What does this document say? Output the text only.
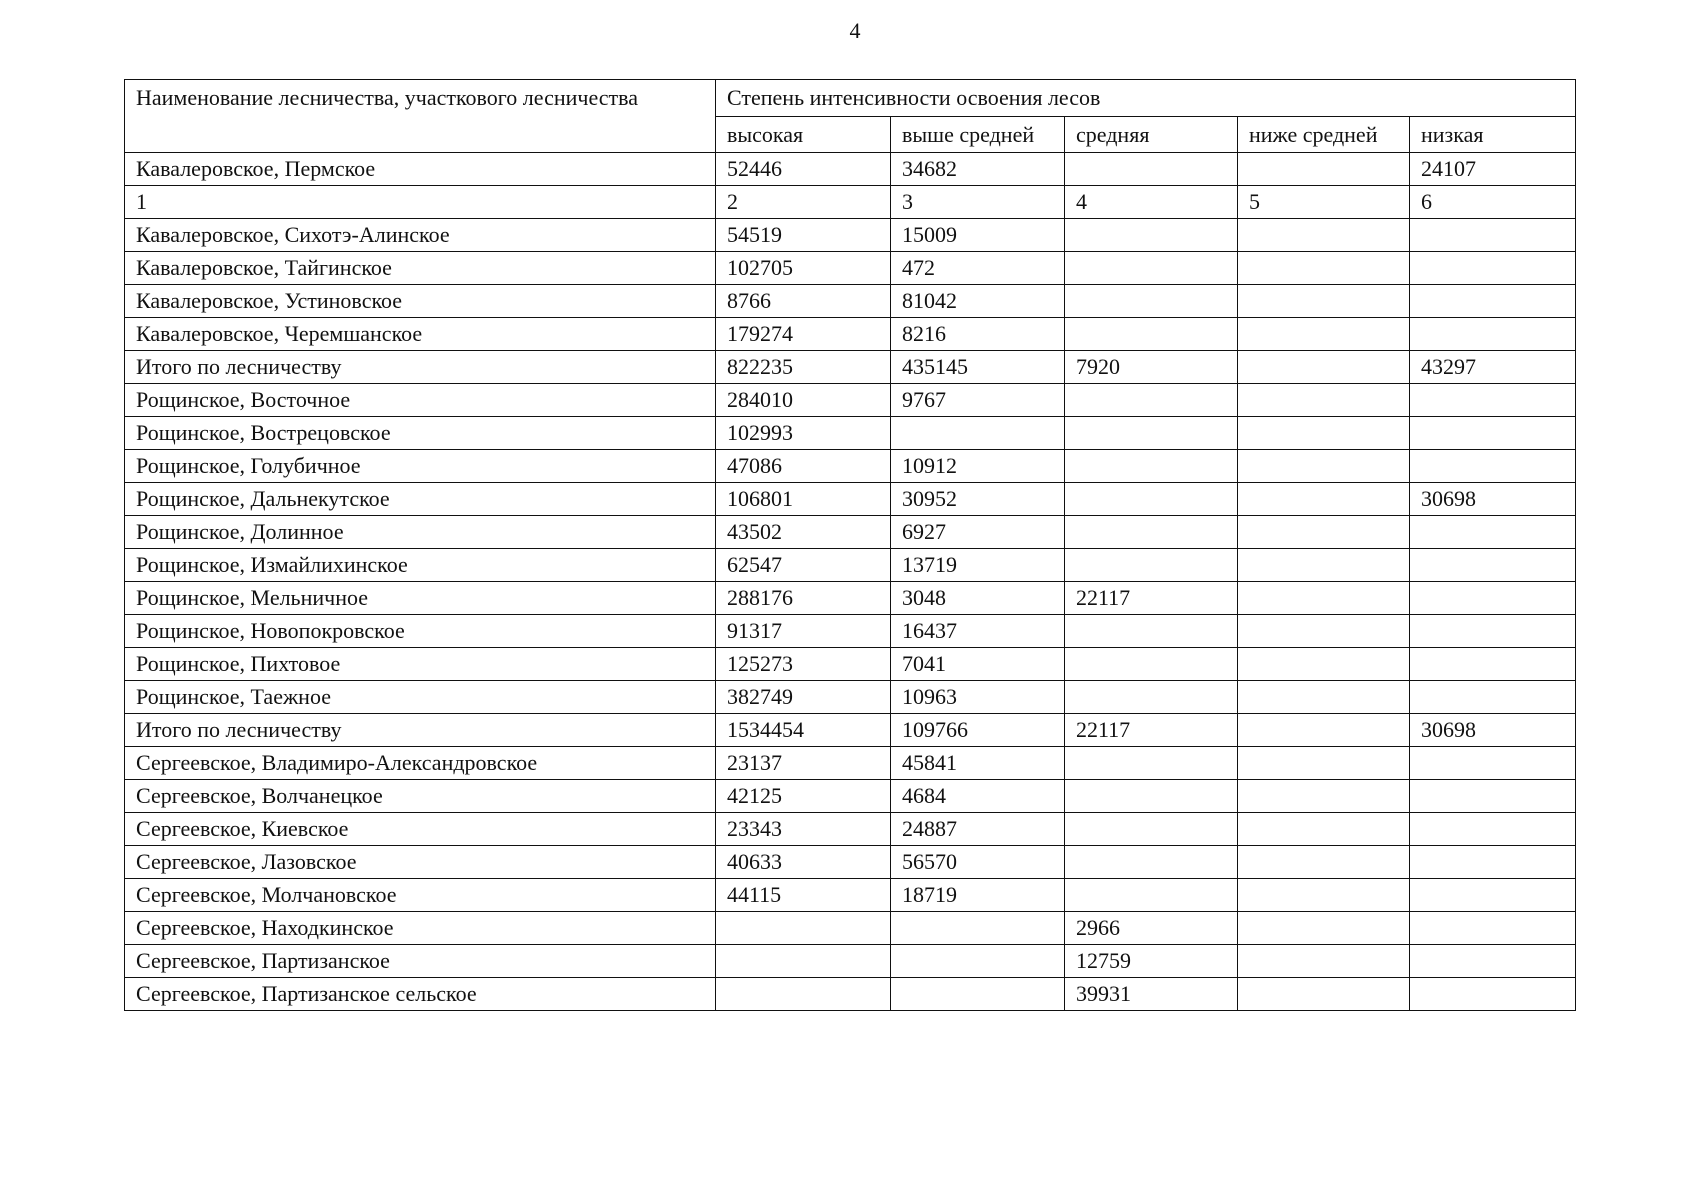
4
Наименование лесничества, участкового лесничества	Степень интенсивности освоения лесов				
	высокая	выше средней	средняя	ниже средней	низкая
Кавалеровское, Пермское	52446	34682			24107
1	2	3	4	5	6
Кавалеровское, Сихотэ-Алинское	54519	15009			
Кавалеровское, Тайгинское	102705	472			
Кавалеровское, Устиновское	8766	81042			
Кавалеровское, Черемшанское	179274	8216			
Итого по лесничеству	822235	435145	7920		43297
Рощинское, Восточное	284010	9767			
Рощинское, Вострецовское	102993				
Рощинское, Голубичное	47086	10912			
Рощинское, Дальнекутское	106801	30952			30698
Рощинское, Долинное	43502	6927			
Рощинское, Измайлихинское	62547	13719			
Рощинское, Мельничное	288176	3048	22117		
Рощинское, Новопокровское	91317	16437			
Рощинское, Пихтовое	125273	7041			
Рощинское, Таежное	382749	10963			
Итого по лесничеству	1534454	109766	22117		30698
Сергеевское, Владимиро-Александровское	23137	45841			
Сергеевское, Волчанецкое	42125	4684			
Сергеевское, Киевское	23343	24887			
Сергеевское, Лазовское	40633	56570			
Сергеевское, Молчановское	44115	18719			
Сергеевское, Находкинское			2966		
Сергеевское, Партизанское			12759		
Сергеевское, Партизанское сельское			39931		
